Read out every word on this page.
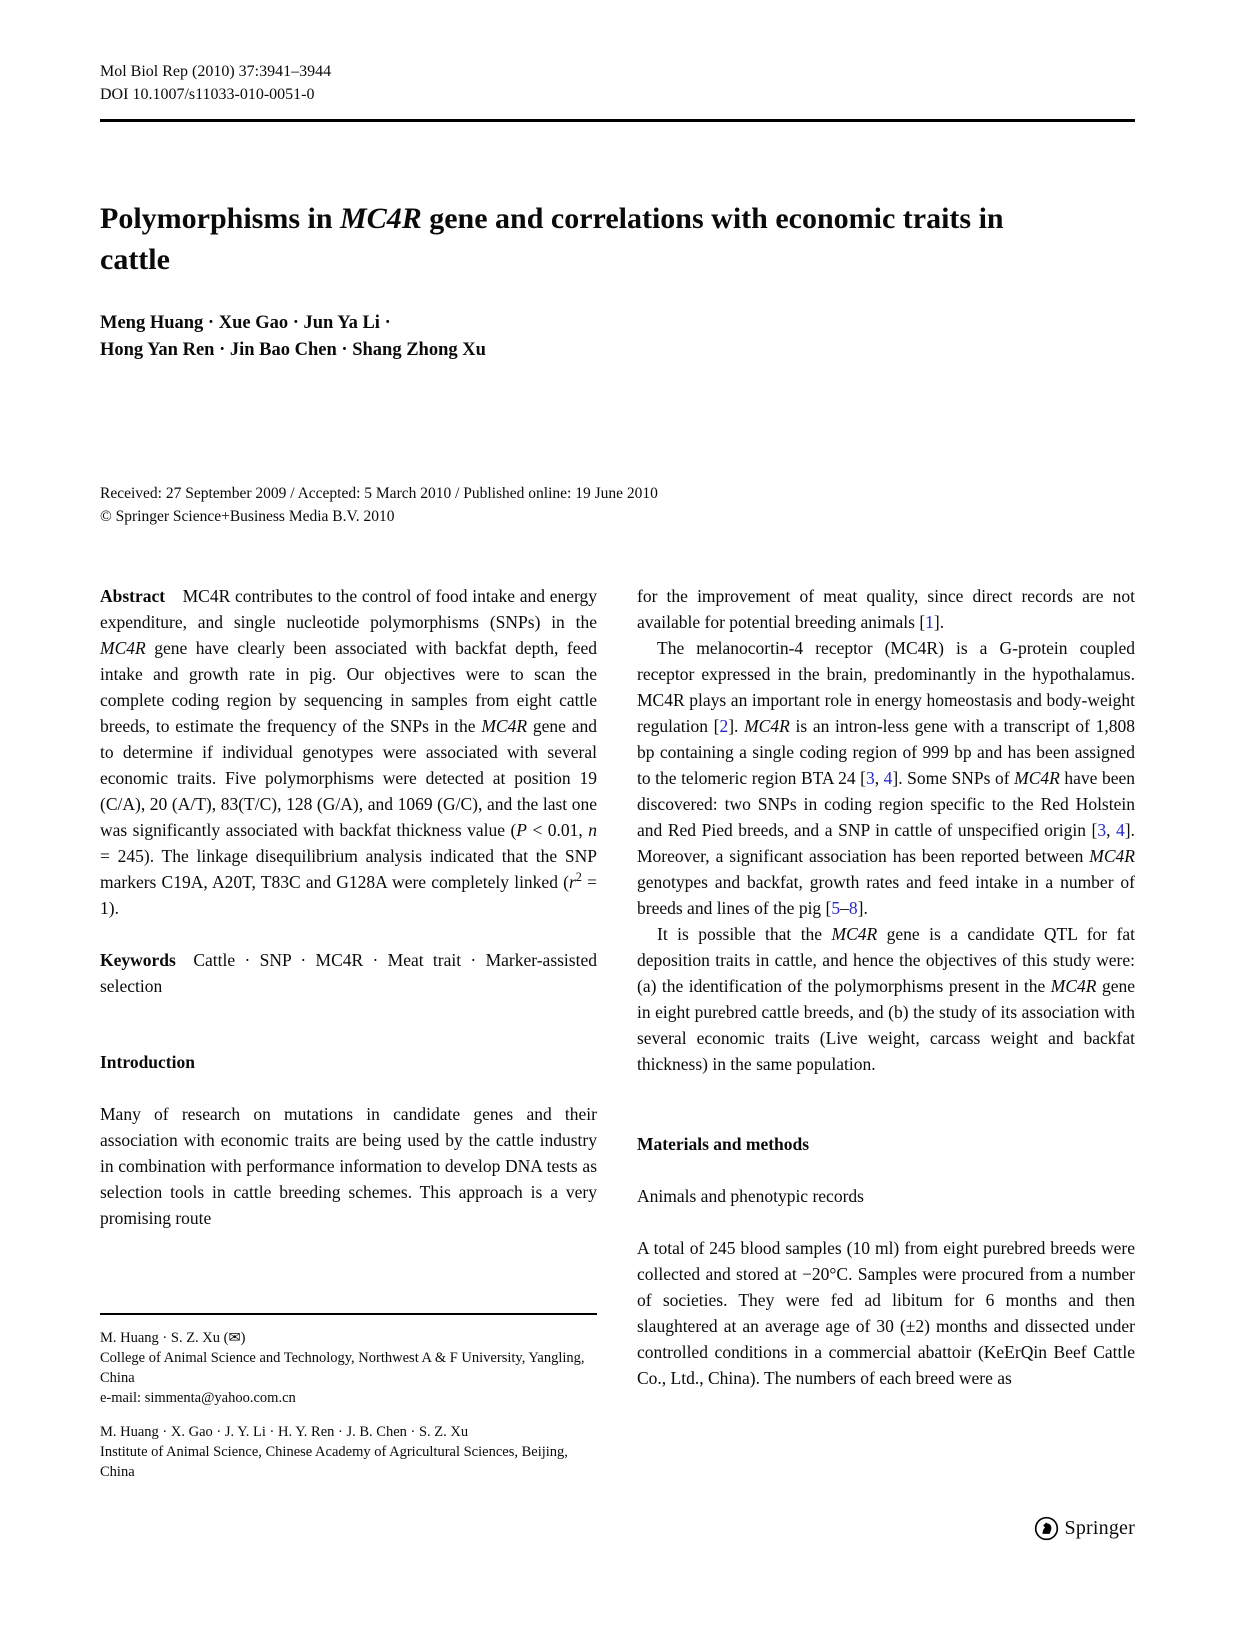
Mol Biol Rep (2010) 37:3941–3944
DOI 10.1007/s11033-010-0051-0
Polymorphisms in MC4R gene and correlations with economic traits in cattle
Meng Huang · Xue Gao · Jun Ya Li ·
Hong Yan Ren · Jin Bao Chen · Shang Zhong Xu
Received: 27 September 2009 / Accepted: 5 March 2010 / Published online: 19 June 2010
© Springer Science+Business Media B.V. 2010

Abstract  MC4R contributes to the control of food intake and energy expenditure, and single nucleotide polymorphisms (SNPs) in the MC4R gene have clearly been associated with backfat depth, feed intake and growth rate in pig. Our objectives were to scan the complete coding region by sequencing in samples from eight cattle breeds, to estimate the frequency of the SNPs in the MC4R gene and to determine if individual genotypes were associated with several economic traits. Five polymorphisms were detected at position 19 (C/A), 20 (A/T), 83(T/C), 128 (G/A), and 1069 (G/C), and the last one was significantly associated with backfat thickness value (P < 0.01, n = 245). The linkage disequilibrium analysis indicated that the SNP markers C19A, A20T, T83C and G128A were completely linked $(r^2 = 1)$.

Keywords  Cattle · SNP · MC4R · Meat trait · Marker-assisted selection

Introduction

Many of research on mutations in candidate genes and their association with economic traits are being used by the cattle industry in combination with performance information to develop DNA tests as selection tools in cattle breeding schemes. This approach is a very promising route

for the improvement of meat quality, since direct records are not available for potential breeding animals [1].

The melanocortin-4 receptor (MC4R) is a G-protein coupled receptor expressed in the brain, predominantly in the hypothalamus. MC4R plays an important role in energy homeostasis and body-weight regulation [2]. MC4R is an intron-less gene with a transcript of 1,808 bp containing a single coding region of 999 bp and has been assigned to the telomeric region BTA 24 [3, 4]. Some SNPs of MC4R have been discovered: two SNPs in coding region specific to the Red Holstein and Red Pied breeds, and a SNP in cattle of unspecified origin [3, 4]. Moreover, a significant association has been reported between MC4R genotypes and backfat, growth rates and feed intake in a number of breeds and lines of the pig [5–8].

It is possible that the MC4R gene is a candidate QTL for fat deposition traits in cattle, and hence the objectives of this study were: (a) the identification of the polymorphisms present in the MC4R gene in eight purebred cattle breeds, and (b) the study of its association with several economic traits (Live weight, carcass weight and backfat thickness) in the same population.

Materials and methods
Animals and phenotypic records

A total of 245 blood samples (10 ml) from eight purebred breeds were collected and stored at −20°C. Samples were procured from a number of societies. They were fed ad libitum for 6 months and then slaughtered at an average age of 30 (±2) months and dissected under controlled conditions in a commercial abattoir (KeErQin Beef Cattle Co., Ltd., China). The numbers of each breed were as

M. Huang · S. Z. Xu (✉)
College of Animal Science and Technology, Northwest A & F University, Yangling, China
e-mail: simmenta@yahoo.com.cn

M. Huang · X. Gao · J. Y. Li · H. Y. Ren · J. B. Chen · S. Z. Xu
Institute of Animal Science, Chinese Academy of Agricultural Sciences, Beijing, China

Springer
